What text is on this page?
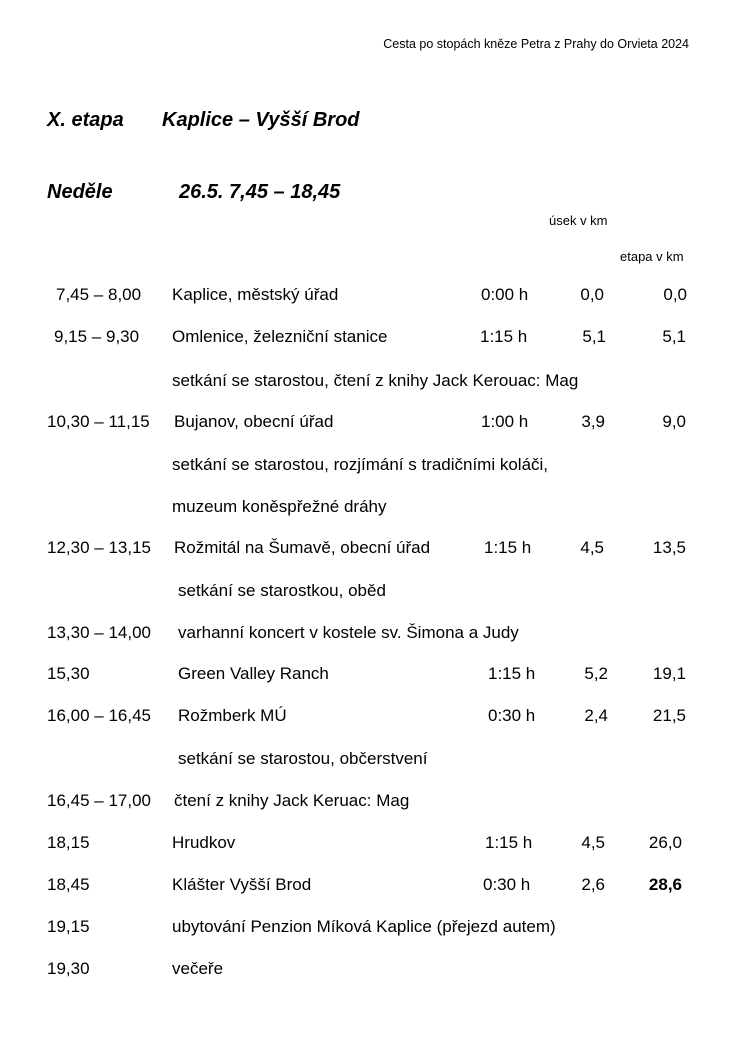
Cesta po stopách kněze Petra z Prahy do Orvieta 2024
X. etapa Kaplice – Vyšší Brod
Neděle	26.5. 7,45 – 18,45
úsek v km
etapa v km
7,45 – 8,00 Kaplice, městský úřad	0:00 h	0,0	0,0
9,15 – 9,30 Omlenice, železniční stanice	1:15 h	5,1	5,1
setkání se starostou, čtení z knihy Jack Kerouac: Mag
10,30 – 11,15 Bujanov, obecní úřad	1:00 h	3,9	9,0
setkání se starostou, rozjímání s tradičními koláči,
muzeum koněspřežné dráhy
12,30 – 13,15 Rožmitál na Šumavě, obecní úřad	1:15 h	4,5	13,5
setkání se starostkou, oběd
13,30 – 14,00 varhanní koncert v kostele sv. Šimona a Judy
15,30	Green Valley Ranch	1:15 h	5,2	19,1
16,00 – 16,45 Rožmberk MÚ	0:30 h	2,4	21,5
setkání se starostou, občerstvení
16,45 – 17,00 čtení z knihy Jack Keruac: Mag
18,15	Hrudkov	1:15 h	4,5	26,0
18,45	Klášter Vyšší Brod	0:30 h	2,6	28,6
19,15	ubytování Penzion Míková Kaplice (přejezd autem)
19,30	večeře
